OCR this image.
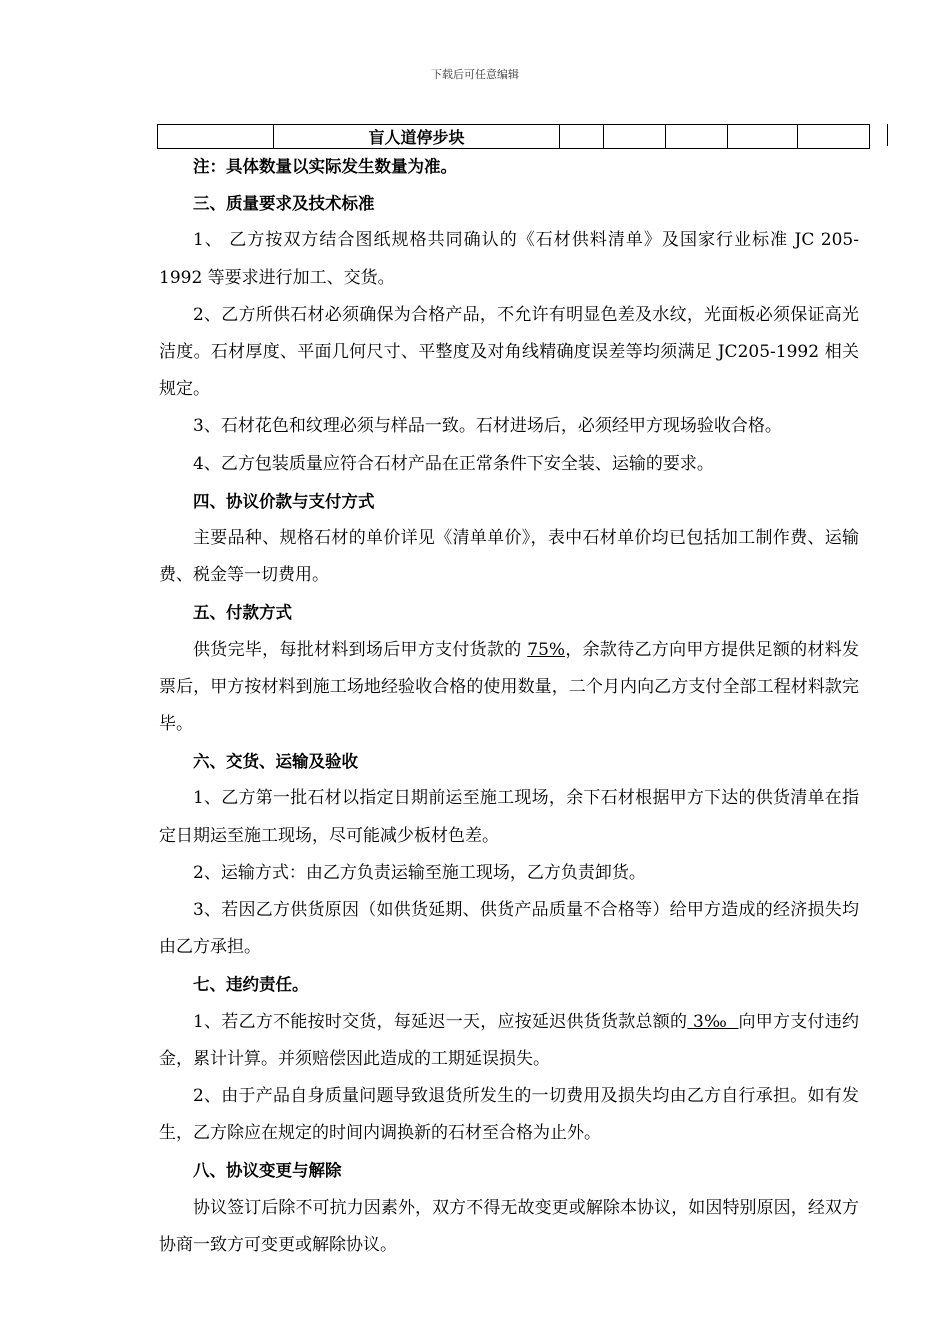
下载后可任意编辑
	盲人道停步块					

注：具体数量以实际发生数量为准。

三、质量要求及技术标准

1、 乙方按双方结合图纸规格共同确认的《石材供料清单》及国家行业标准 JC 205-1992 等要求进行加工、交货。

2、乙方所供石材必须确保为合格产品，不允许有明显色差及水纹，光面板必须保证高光洁度。石材厚度、平面几何尺寸、平整度及对角线精确度误差等均须满足 JC205-1992 相关规定。

3、石材花色和纹理必须与样品一致。石材进场后，必须经甲方现场验收合格。

4、乙方包装质量应符合石材产品在正常条件下安全装、运输的要求。

四、协议价款与支付方式

主要品种、规格石材的单价详见《清单单价》，表中石材单价均已包括加工制作费、运输费、税金等一切费用。

五、付款方式

供货完毕，每批材料到场后甲方支付货款的 75%，余款待乙方向甲方提供足额的材料发票后，甲方按材料到施工场地经验收合格的使用数量，二个月内向乙方支付全部工程材料款完毕。

六、交货、运输及验收

1、乙方第一批石材以指定日期前运至施工现场，余下石材根据甲方下达的供货清单在指定日期运至施工现场，尽可能减少板材色差。

2、运输方式：由乙方负责运输至施工现场，乙方负责卸货。

3、若因乙方供货原因（如供货延期、供货产品质量不合格等）给甲方造成的经济损失均由乙方承担。

七、违约责任。

1、若乙方不能按时交货，每延迟一天，应按延迟供货货款总额的 3‰  向甲方支付违约金，累计计算。并须赔偿因此造成的工期延误损失。

2、由于产品自身质量问题导致退货所发生的一切费用及损失均由乙方自行承担。如有发生，乙方除应在规定的时间内调换新的石材至合格为止外。

八、协议变更与解除

协议签订后除不可抗力因素外，双方不得无故变更或解除本协议，如因特别原因，经双方协商一致方可变更或解除协议。
